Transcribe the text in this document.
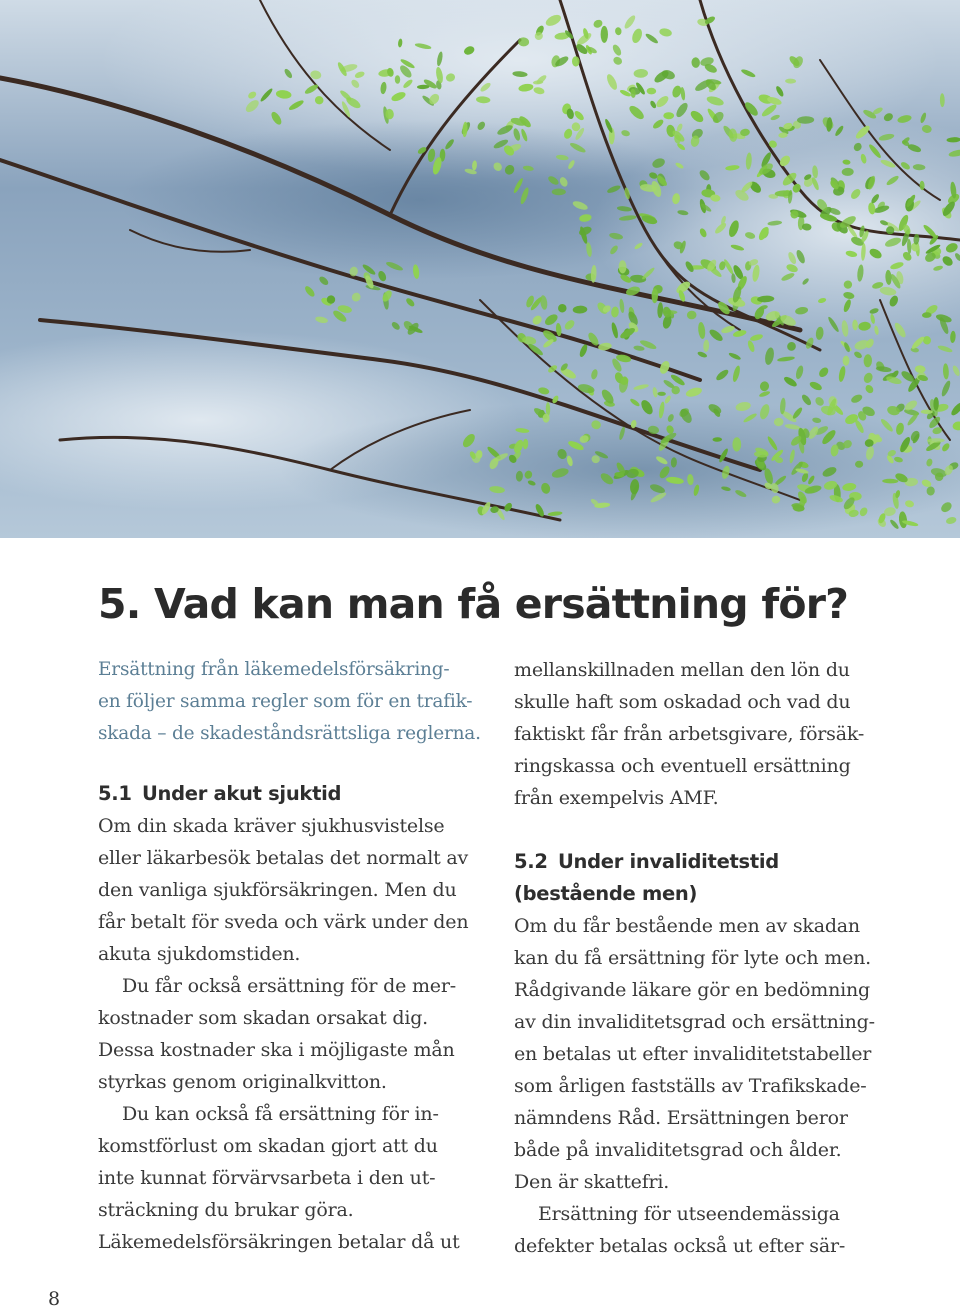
5. Vad kan man få ersättning för?

Ersättning från läkemedelsförsäkring-
en följer samma regler som för en trafik-
skada – de skadeståndsrättsliga reglerna.

5.1 Under akut sjuktid

Om din skada kräver sjukhusvistelse
eller läkarbesök betalas det normalt av
den vanliga sjukförsäkringen. Men du
får betalt för sveda och värk under den
akuta sjukdomstiden.

Du får också ersättning för de mer-
kostnader som skadan orsakat dig.
Dessa kostnader ska i möjligaste mån
styrkas genom originalkvitton.

Du kan också få ersättning för in-
komstförlust om skadan gjort att du
inte kunnat förvärvsarbeta i den ut-
sträckning du brukar göra.
Läkemedelsförsäkringen betalar då ut

mellanskillnaden mellan den lön du
skulle haft som oskadad och vad du
faktiskt får från arbetsgivare, försäk-
ringskassa och eventuell ersättning
från exempelvis AMF.

5.2 Under invaliditetstid
(bestående men)

Om du får bestående men av skadan
kan du få ersättning för lyte och men.
Rådgivande läkare gör en bedömning
av din invaliditetsgrad och ersättning-
en betalas ut efter invaliditetstabeller
som årligen fastställs av Trafikskade-
nämndens Råd. Ersättningen beror
både på invaliditetsgrad och ålder.
Den är skattefri.

Ersättning för utseendemässiga
defekter betalas också ut efter sär-

8
